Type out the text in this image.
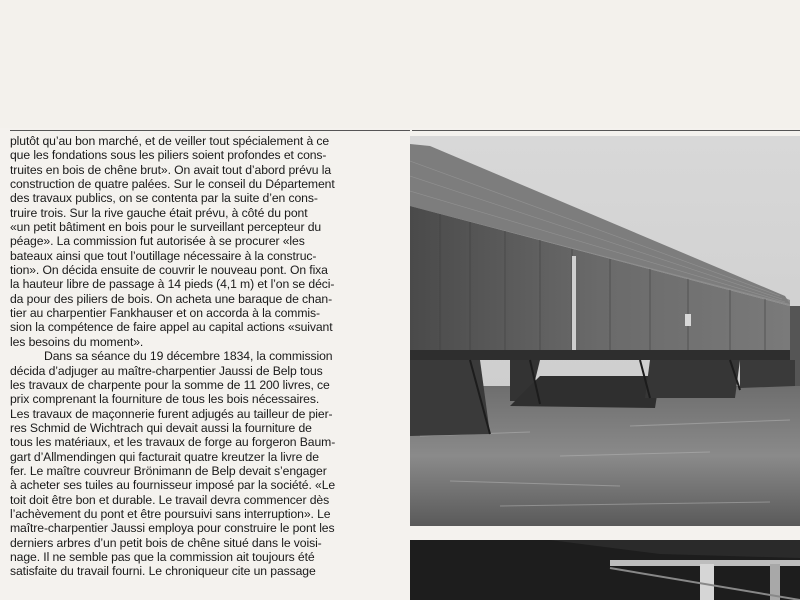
plutôt qu’au bon marché, et de veiller tout spécialement à ce
que les fondations sous les piliers soient profondes et cons-
truites en bois de chêne brut». On avait tout d’abord prévu la
construction de quatre palées. Sur le conseil du Département
des travaux publics, on se contenta par la suite d’en cons-
truire trois. Sur la rive gauche était prévu, à côté du pont
«un petit bâtiment en bois pour le surveillant percepteur du
péage». La commission fut autorisée à se procurer «les
bateaux ainsi que tout l’outillage nécessaire à la construc-
tion». On décida ensuite de couvrir le nouveau pont. On fixa
la hauteur libre de passage à 14 pieds (4,1 m) et l’on se déci-
da pour des piliers de bois. On acheta une baraque de chan-
tier au charpentier Fankhauser et on accorda à la commis-
sion la compétence de faire appel au capital actions «suivant
les besoins du moment».
Dans sa séance du 19 décembre 1834, la commission
décida d’adjuger au maître-charpentier Jaussi de Belp tous
les travaux de charpente pour la somme de 11 200 livres, ce
prix comprenant la fourniture de tous les bois nécessaires.
Les travaux de maçonnerie furent adjugés au tailleur de pier-
res Schmid de Wichtrach qui devait aussi la fourniture de
tous les matériaux, et les travaux de forge au forgeron Baum-
gart d’Allmendingen qui facturait quatre kreutzer la livre de
fer. Le maître couvreur Brönimann de Belp devait s’engager
à acheter ses tuiles au fournisseur imposé par la société. «Le
toit doit être bon et durable. Le travail devra commencer dès
l’achèvement du pont et être poursuivi sans interruption». Le
maître-charpentier Jaussi employa pour construire le pont les
derniers arbres d’un petit bois de chêne situé dans le voisi-
nage. Il ne semble pas que la commission ait toujours été
satisfaite du travail fourni. Le chroniqueur cite un passage
